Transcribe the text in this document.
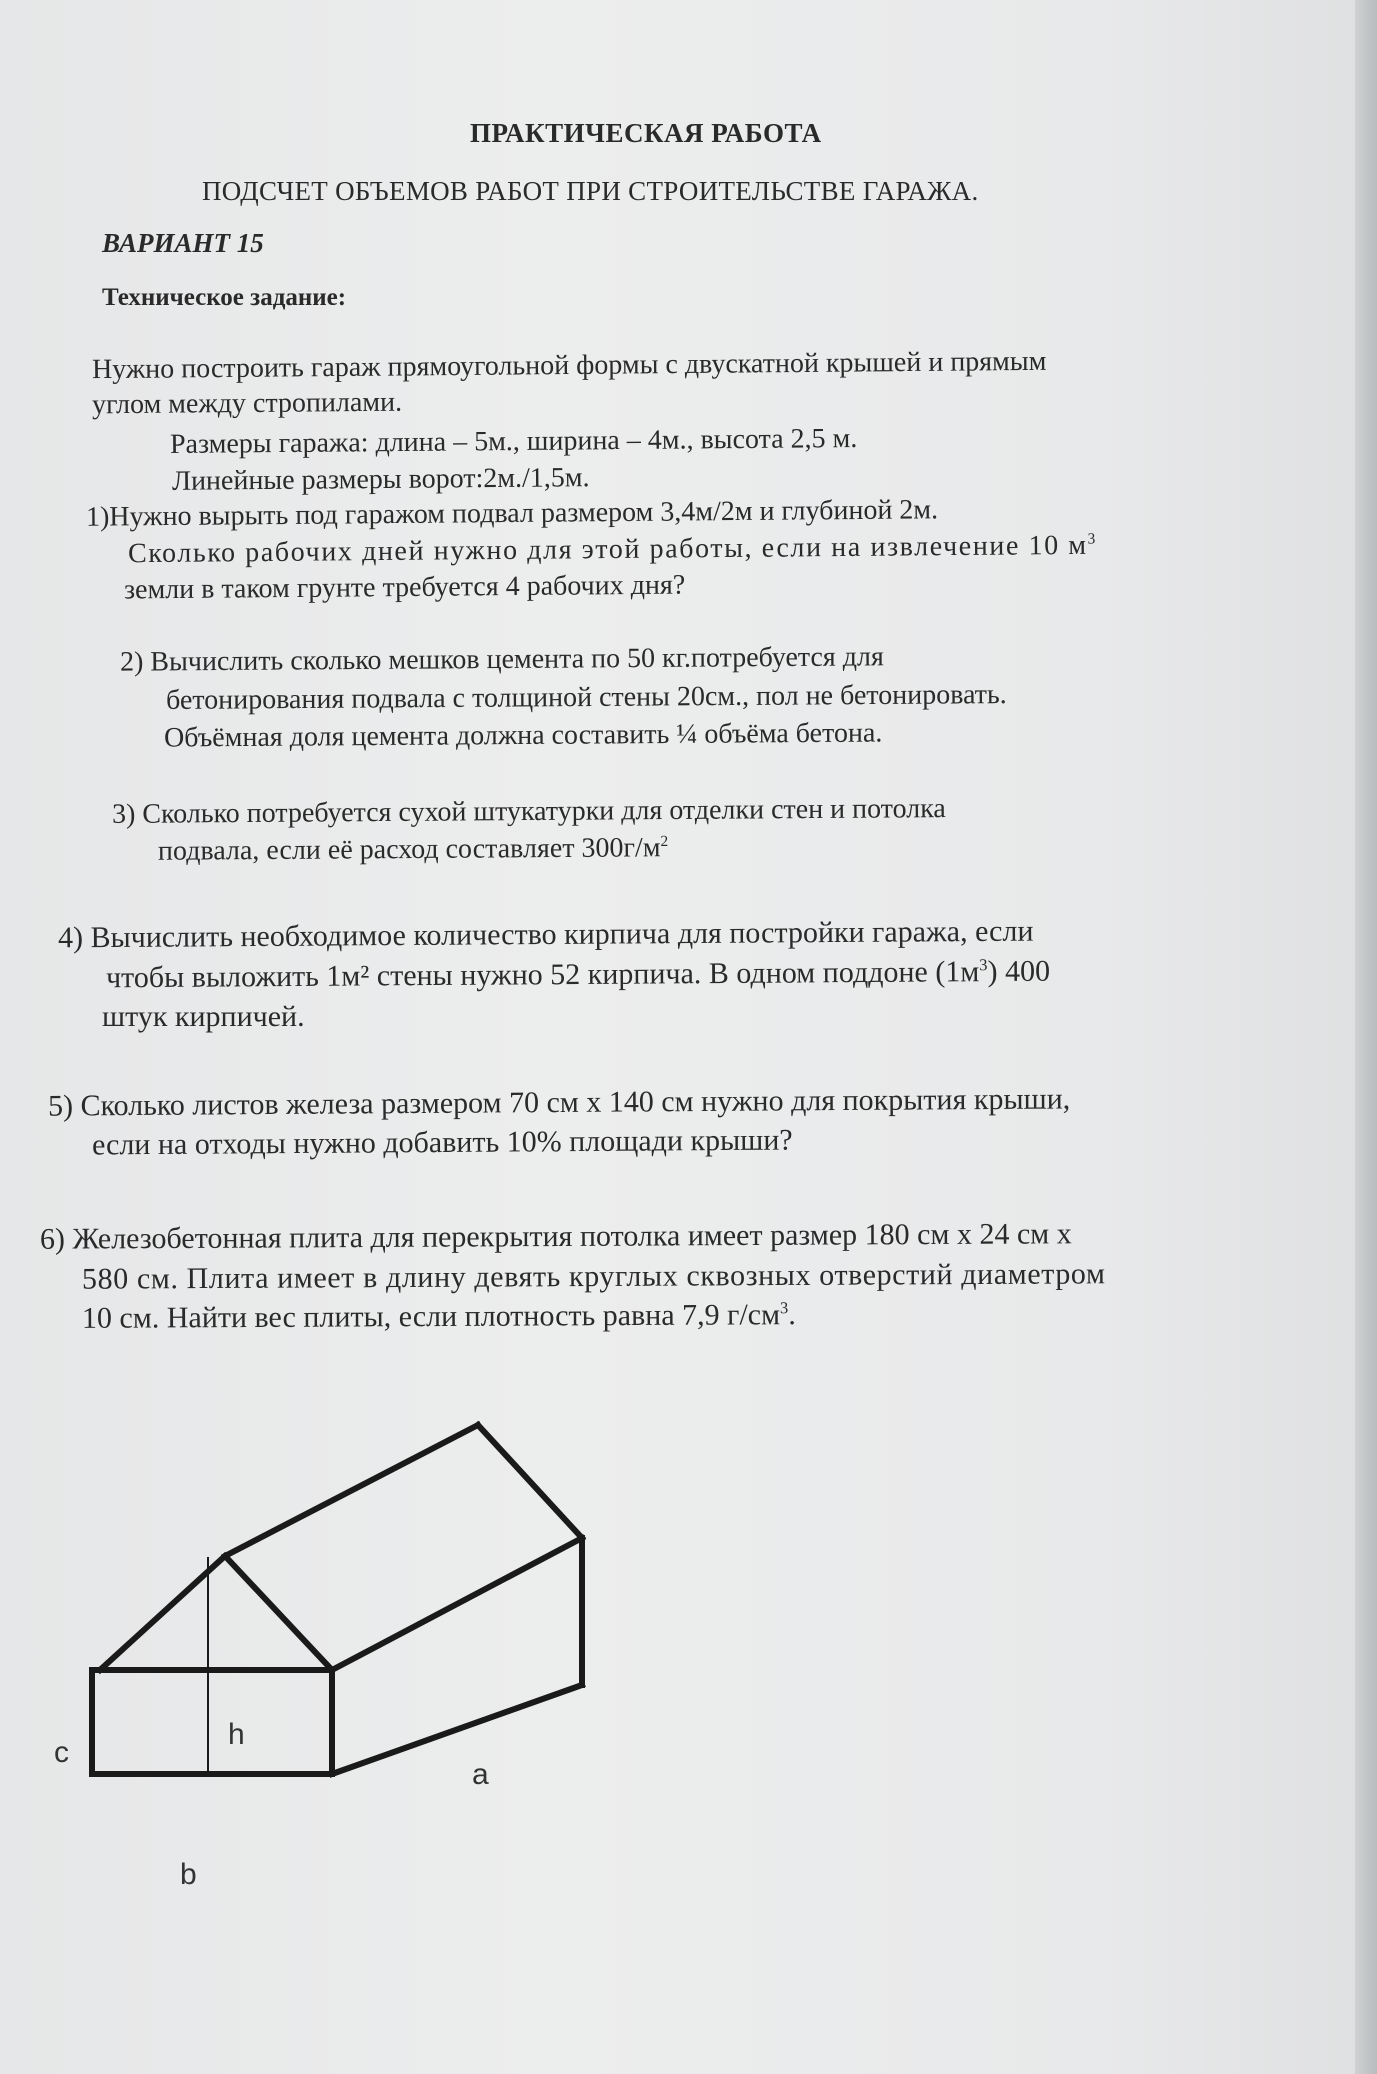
ПРАКТИЧЕСКАЯ РАБОТА
ПОДСЧЕТ ОБЪЕМОВ РАБОТ ПРИ СТРОИТЕЛЬСТВЕ ГАРАЖА.
ВАРИАНТ 15
Техническое задание:
Нужно построить гараж прямоугольной формы с двускатной крышей и прямым
углом между стропилами.
Размеры гаража: длина – 5м., ширина – 4м., высота 2,5 м.
Линейные размеры ворот:2м./1,5м.
1)Нужно вырыть под гаражом подвал размером 3,4м/2м и глубиной 2м.
Сколько рабочих дней нужно для этой работы, если на извлечение 10 $м^3$
земли в таком грунте требуется 4 рабочих дня?
2) Вычислить сколько мешков цемента по 50 кг.потребуется для
бетонирования подвала с толщиной стены 20см., пол не бетонировать.
Объёмная доля цемента должна составить ¼ объёма бетона.
3) Сколько потребуется сухой штукатурки для отделки стен и потолка
подвала, если её расход составляет $300г/м^2$
4) Вычислить необходимое количество кирпича для постройки гаража, если
чтобы выложить 1м² стены нужно 52 кирпича. В одном поддоне $(1м^3)$ 400
штук кирпичей.
5) Сколько листов железа размером 70 см х 140 см нужно для покрытия крыши,
если на отходы нужно добавить 10% площади крыши?
6) Железобетонная плита для перекрытия потолка имеет размер 180 см х 24 см х
580 см. Плита имеет в длину девять круглых сквозных отверстий диаметром
10 см. Найти вес плиты, если плотность равна 7,9 $г/см^3$.
c
h
a
b
